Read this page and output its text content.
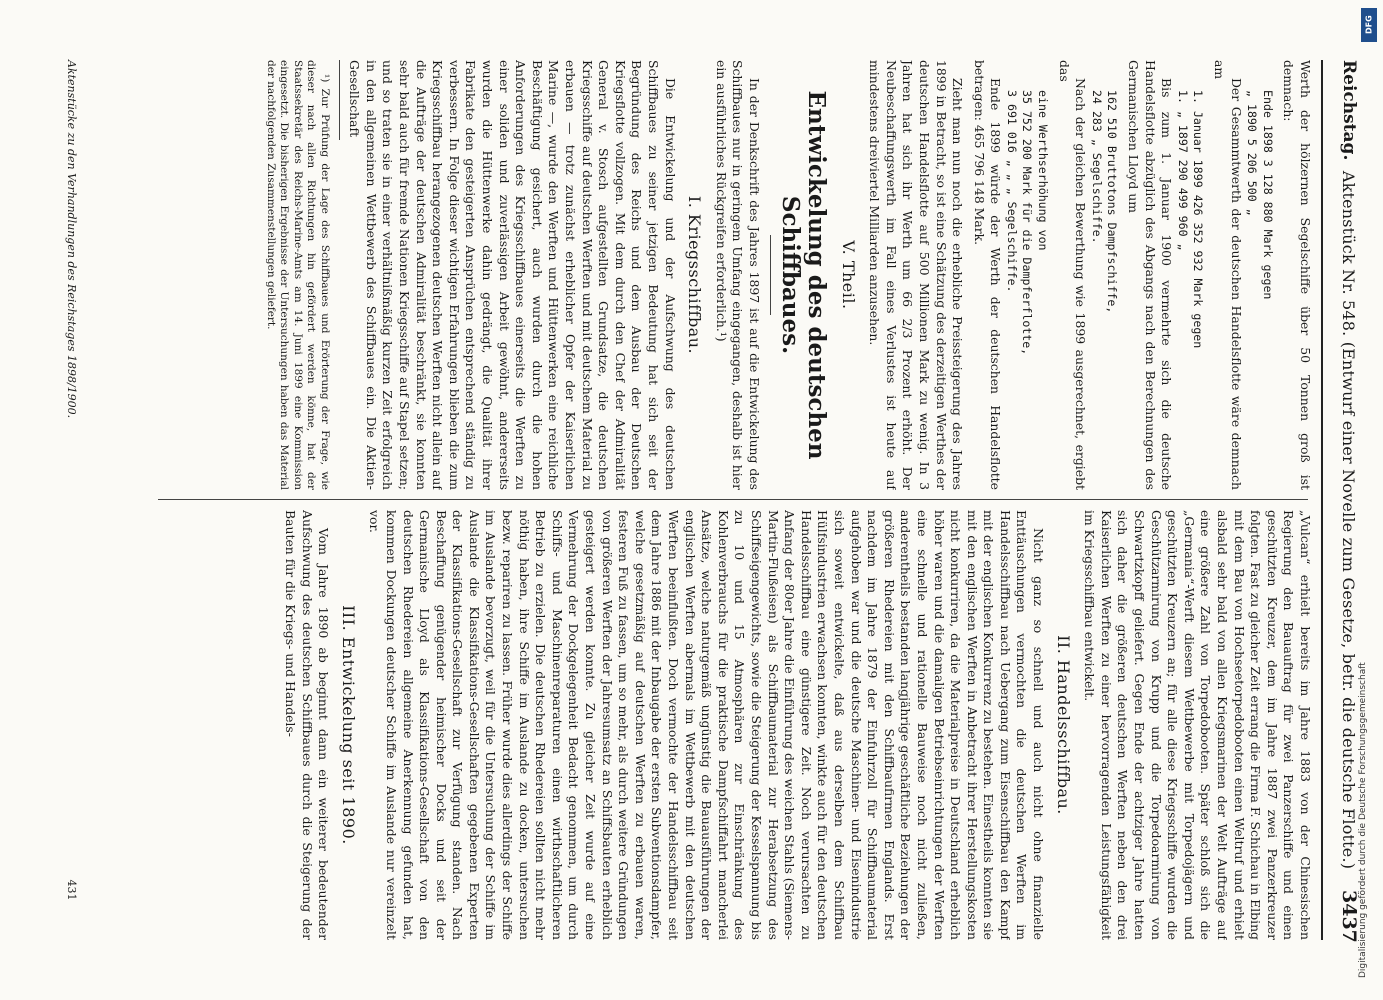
Reichstag.
Aktenstück Nr. 548. (Entwurf einer Novelle zum Gesetze, betr. die deutsche Flotte.)
3437

Werth der hölzernen Segelschiffe über 50 Tonnen groß ist demnach:

Ende 1898 3 128 880 Mark gegen

„ 1890 5 206 500 „

Der Gesammtwerth der deutschen Handelsflotte wäre demnach am

1. Januar 1899 426 352 932 Mark gegen

1. „ 1897 290 499 960 „

Bis zum 1. Januar 1900 vermehrte sich die deutsche Handelsflotte abzüglich des Abgangs nach den Berechnungen des Germanischen Lloyd um

162 510 Bruttotons Dampfschiffe,

24 283 „ Segelschiffe.

Nach der gleichen Bewerthung wie 1899 ausgerechnet, ergiebt das

eine Werthserhöhung von

35 752 200 Mark für die Dampferflotte,

3 691 016 „ „ „ Segelschiffe.

Ende 1899 würde der Werth der deutschen Handelsflotte betragen: 465 796 148 Mark.

Zieht man nun noch die erhebliche Preissteigerung des Jahres 1899 in Betracht, so ist eine Schätzung des derzeitigen Werthes der deutschen Handelsflotte auf 500 Millionen Mark zu wenig. In 3 Jahren hat sich ihr Werth um 66 2/3 Prozent erhöht. Der Neubeschaffungswerth im Fall eines Verlustes ist heute auf mindestens dreiviertel Milliarden anzusehen.

V. Theil.

Entwickelung des deutschen Schiffbaues.

In der Denkschrift des Jahres 1897 ist auf die Entwickelung des Schiffbaues nur in geringem Umfang eingegangen, deshalb ist hier ein ausführliches Rückgreifen erforderlich.¹)

I. Kriegsschiffbau.

Die Entwickelung und der Aufschwung des deutschen Schiffbaues zu seiner jetzigen Bedeutung hat sich seit der Begründung des Reichs und dem Ausbau der Deutschen Kriegsflotte vollzogen. Mit dem durch den Chef der Admiralität General v. Stosch aufgestellten Grundsatze, die deutschen Kriegsschiffe auf deutschen Werften und mit deutschem Material zu erbauen — trotz zunächst erheblicher Opfer der Kaiserlichen Marine —, wurde den Werften und Hüttenwerken eine reichliche Beschäftigung gesichert, auch wurden durch die hohen Anforderungen des Kriegsschiffbaues einerseits die Werften zu einer soliden und zuverlässigen Arbeit gewöhnt, andererseits wurden die Hüttenwerke dahin gedrängt, die Qualität ihrer Fabrikate den gesteigerten Ansprüchen entsprechend ständig zu verbessern. In Folge dieser wichtigen Erfahrungen blieben die zum Kriegsschiffbau herangezogenen deutschen Werften nicht allein auf die Aufträge der deutschen Admiralität beschränkt, sie konnten sehr bald auch für fremde Nationen Kriegsschiffe auf Stapel setzen; und so traten sie in einer verhältnißmäßig kurzen Zeit erfolgreich in den allgemeinen Wettbewerb des Schiffbaues ein. Die Aktien-Gesellschaft

¹) Zur Prüfung der Lage des Schiffbaues und Erörterung der Frage, wie dieser nach allen Richtungen hin gefördert werden könne, hat der Staatssekretär des Reichs-Marine-Amts am 14. Juni 1899 eine Kommission eingesetzt. Die bisherigen Ergebnisse der Untersuchungen haben das Material der nachfolgenden Zusammenstellungen geliefert.

„Vulcan“ erhielt bereits im Jahre 1883 von der Chinesischen Regierung den Bauauftrag für zwei Panzerschiffe und einen geschützten Kreuzer, dem im Jahre 1887 zwei Panzerkreuzer folgten. Fast zu gleicher Zeit errang die Firma F. Schichau in Elbing mit dem Bau von Hochseetorpedobooten einen Weltruf und erhielt alsbald sehr bald von allen Kriegsmarinen der Welt Aufträge auf eine größere Zahl von Torpedobooten. Später schloß sich die „Germania“-Werft diesem Wettbewerbe mit Torpedojägern und geschützten Kreuzern an; für alle diese Kriegsschiffe wurden die Geschützarmirung von Krupp und die Torpedoarmirung von Schwartzkopff geliefert. Gegen Ende der achtziger Jahre hatten sich daher die größeren deutschen Werften neben den drei Kaiserlichen Werften zu einer hervorragenden Leistungsfähigkeit im Kriegsschiffbau entwickelt.

II. Handelsschiffbau.

Nicht ganz so schnell und auch nicht ohne finanzielle Enttäuschungen vermochten die deutschen Werften im Handelsschiffbau nach Uebergang zum Eisenschiffbau den Kampf mit der englischen Konkurrenz zu bestehen. Einestheils konnten sie mit den englischen Werften in Anbetracht ihrer Herstellungskosten nicht konkurriren, da die Materialpreise in Deutschland erheblich höher waren und die damaligen Betriebseinrichtungen der Werften eine schnelle und rationelle Bauweise noch nicht zuließen, anderentheils bestanden langjährige geschäftliche Beziehungen der größeren Rhedereien mit den Schiffbaufirmen Englands. Erst nachdem im Jahre 1879 der Einfuhrzoll für Schiffbaumaterial aufgehoben war und die deutsche Maschinen- und Eisenindustrie sich soweit entwickelte, daß aus derselben dem Schiffbau Hülfsindustrien erwachsen konnten, winkte auch für den deutschen Handelsschiffbau eine günstigere Zeit. Noch verursachten zu Anfang der 80er Jahre die Einführung des weichen Stahls (Siemens-Martin-Flußeisen) als Schiffbaumaterial zur Herabsetzung des Schiffseigengewichts, sowie die Steigerung der Kesselspannung bis zu 10 und 15 Atmosphären zur Einschränkung des Kohlenverbrauchs für die praktische Dampfschiffahrt mancherlei Ansätze, welche naturgemäß ungünstig die Bauausführungen der englischen Werften abermals im Wettbewerb mit den deutschen Werften beeinflußten. Doch vermochte der Handelsschiffbau seit dem Jahre 1886 mit der Inbaugabe der ersten Subventionsdampfer, welche gesetzmäßig auf deutschen Werften zu erbauen waren, festeren Fuß zu fassen, um so mehr, als durch weitere Gründungen von größeren Werften der Jahresumsatz an Schiffsbauten erheblich gesteigert werden konnte. Zu gleicher Zeit wurde auf eine Vermehrung der Dockgelegenheit Bedacht genommen, um durch Schiffs- und Maschinenreparaturen einen wirthschaftlicheren Betrieb zu erzielen. Die deutschen Rhedereien sollten nicht mehr nöthig haben, ihre Schiffe im Auslande zu docken, untersuchen bezw. repariren zu lassen. Früher wurde dies allerdings der Schiffe im Auslande bevorzugt, weil für die Untersuchung der Schiffe im Auslande die Klassifikations-Gesellschaften gegebenen Experten der Klassifikations-Gesellschaft zur Verfügung standen. Nach Beschaffung genügender heimischer Docks und seit der Germanische Lloyd als Klassifikations-Gesellschaft von den deutschen Rhedereien allgemeine Anerkennung gefunden hat, kommen Dockungen deutscher Schiffe im Auslande nur vereinzelt vor.

III. Entwickelung seit 1890.

Vom Jahre 1890 ab beginnt dann ein weiterer bedeutender Aufschwung des deutschen Schiffbaues durch die Steigerung der Bauten für die Kriegs- und Handels-

Aktenstücke zu den Verhandlungen des Reichstages 1898/1900.
431
DFG
Digitalisierung gefördert durch die Deutsche Forschungsgemeinschaft
